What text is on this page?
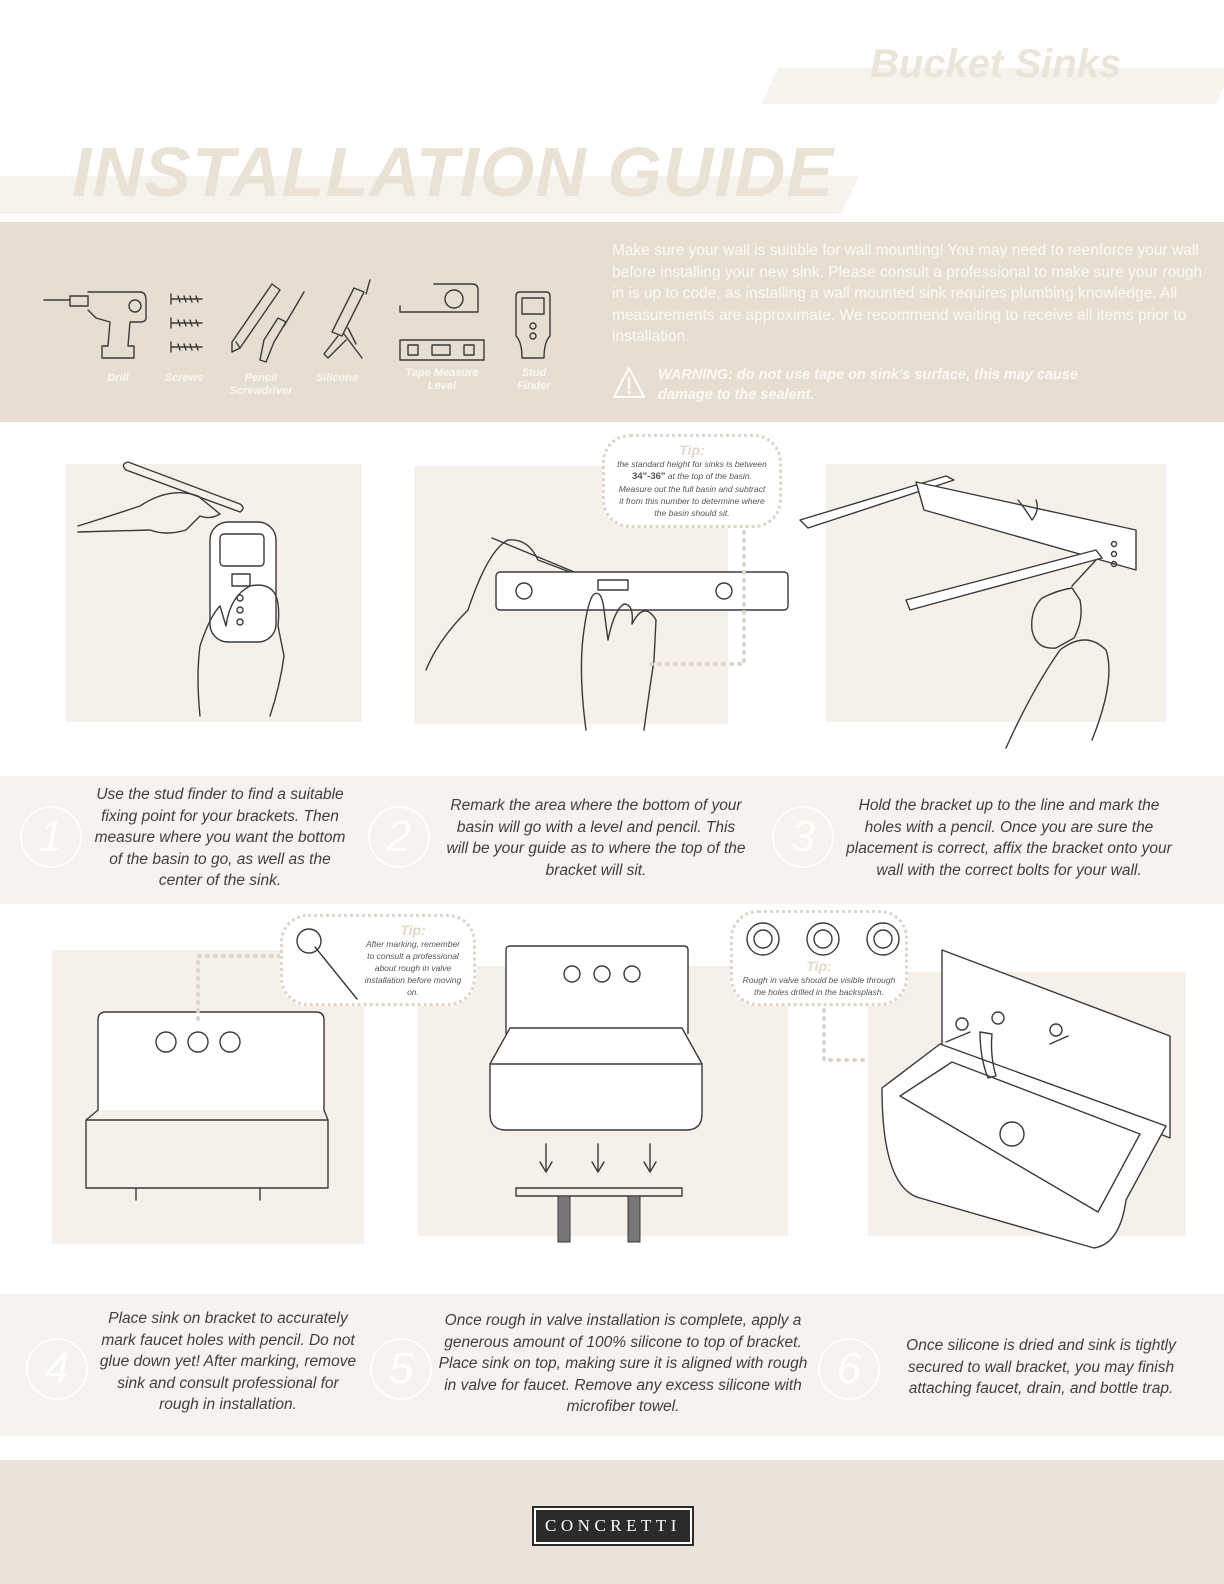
Bucket Sinks
INSTALLATION GUIDE
Drill	Screws	Pencil Screwdriver
Silicone	Tape Measure Level
Stud Finder
Make sure your wall is suitible for wall mounting! You may need to reenforce your wall before installing your new sink. Please consult a professional to make sure your rough in is up to code, as installing a wall mounted sink requires plumbing knowledge. All measurements are approximate. We recommend waiting to receive all items prior to installation.
WARNING: do not use tape on sink's surface, this may cause damage to the sealent.
Tip:
the standard height for sinks is between 34"-36" at the top of the basin. Measure out the full basin and subtract it from this number to determine where the basin should sit.
1
Use the stud finder to find a suitable fixing point for your brackets. Then measure where you want the bottom of the basin to go, as well as the center of the sink.
2
Remark the area where the bottom of your basin will go with a level and pencil. This will be your guide as to where the top of the bracket will sit.
3
Hold the bracket up to the line and mark the holes with a pencil. Once you are sure the placement is correct, affix the bracket onto your wall with the correct bolts for your wall.
Tip:
After marking, remember to consult a professional about rough in valve installation before moving on.
Tip:
Rough in valve should be visible through the holes drilled in the backsplash.
4
Place sink on bracket to accurately mark faucet holes with pencil. Do not glue down yet! After marking, remove sink and consult professional for rough in installation.
5
Once rough in valve installation is complete, apply a generous amount of 100% silicone to top of bracket. Place sink on top, making sure it is aligned with rough in valve for faucet. Remove any excess silicone with microfiber towel.
6	Once silicone is dried and sink is tightly secured to wall bracket, you may finish attaching faucet, drain, and bottle trap.
CONCRETTI
